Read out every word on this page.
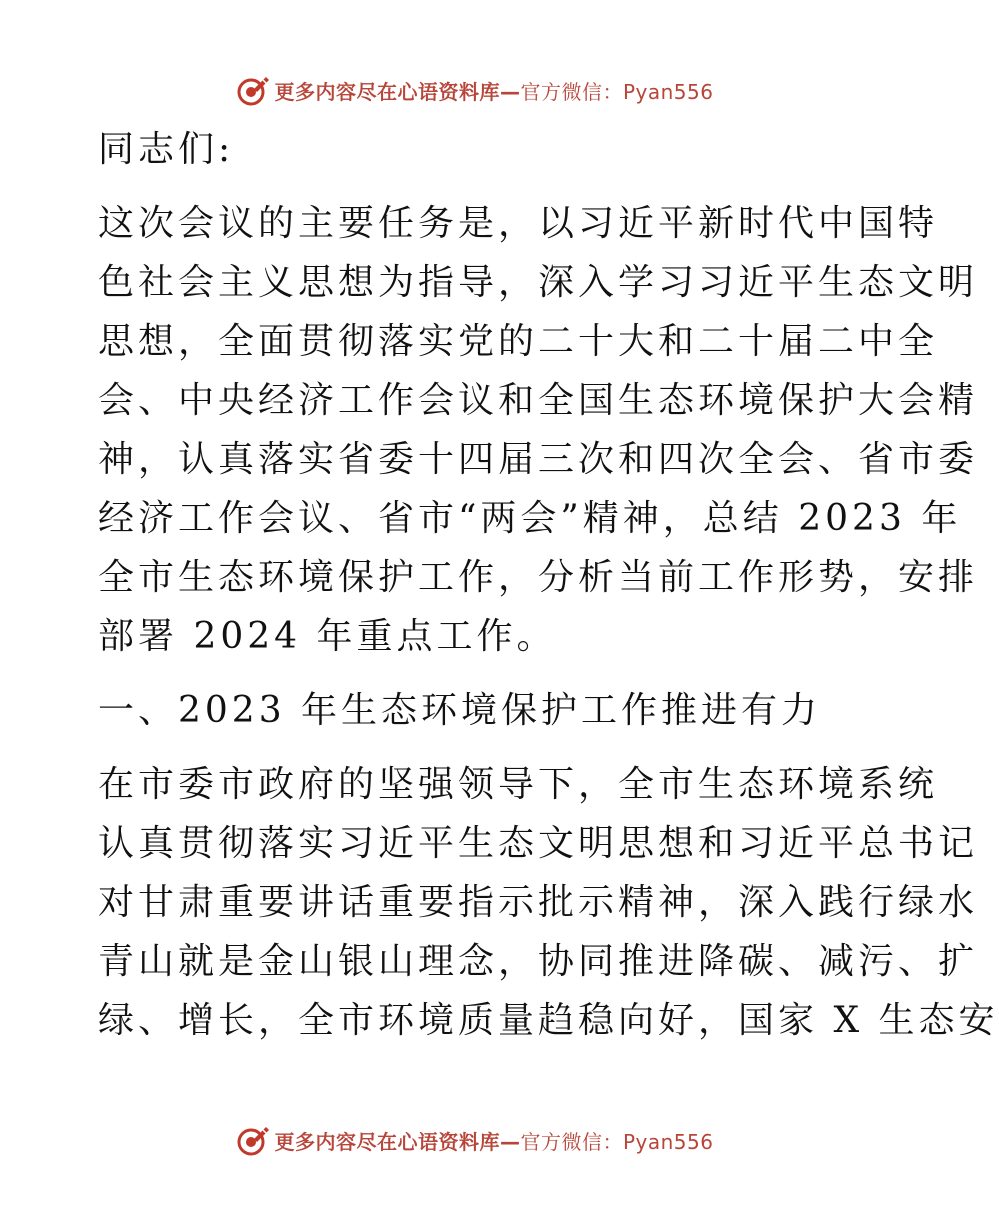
更多内容尽在心语资料库—官方微信：Pyan556
同志们:
这次会议的主要任务是，以习近平新时代中国特
色社会主义思想为指导，深入学习习近平生态文明
思想，全面贯彻落实党的二十大和二十届二中全
会、中央经济工作会议和全国生态环境保护大会精
神，认真落实省委十四届三次和四次全会、省市委
经济工作会议、省市“两会”精神，总结 2023 年
全市生态环境保护工作，分析当前工作形势，安排
部署 2024 年重点工作。
一、2023 年生态环境保护工作推进有力
在市委市政府的坚强领导下，全市生态环境系统
认真贯彻落实习近平生态文明思想和习近平总书记
对甘肃重要讲话重要指示批示精神，深入践行绿水
青山就是金山银山理念，协同推进降碳、减污、扩
绿、增长，全市环境质量趋稳向好，国家 X 生态安
更多内容尽在心语资料库—官方微信：Pyan556
